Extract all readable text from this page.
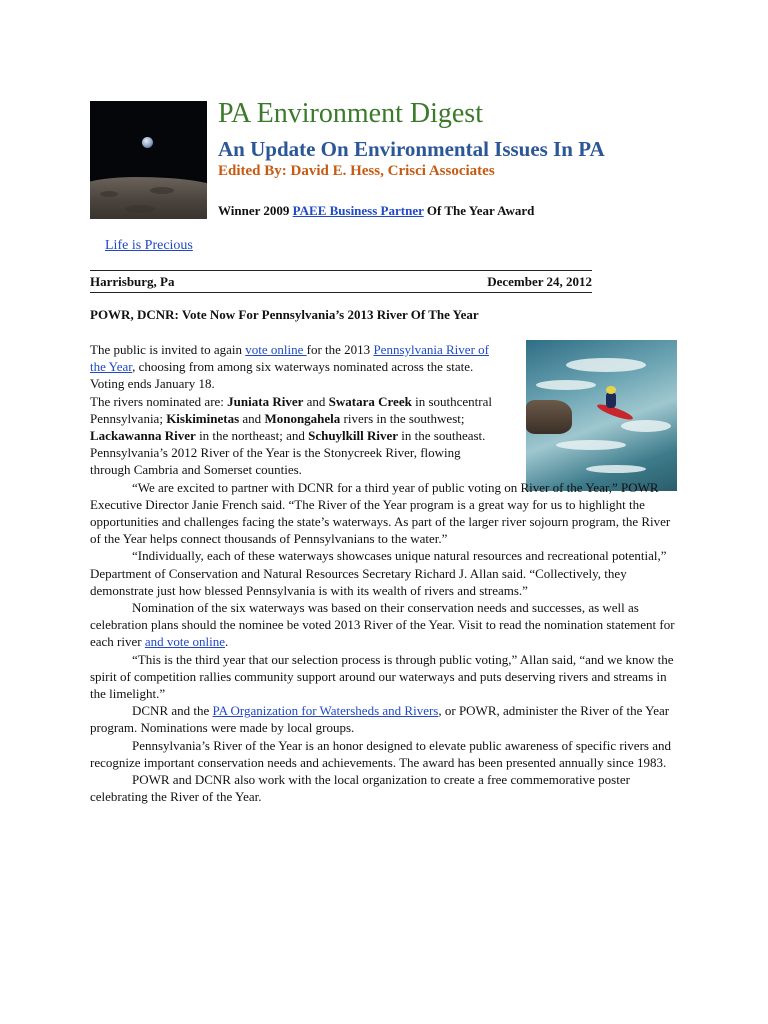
PA Environment Digest
An Update On Environmental Issues In PA
Edited By: David E. Hess, Crisci Associates
Winner 2009 PAEE Business Partner Of The Year Award
Life is Precious
Harrisburg, Pa	December 24, 2012
POWR, DCNR: Vote Now For Pennsylvania’s 2013 River Of The Year

The public is invited to again vote online for the 2013 Pennsylvania River of the Year, choosing from among six waterways nominated across the state. Voting ends January 18.

The rivers nominated are: Juniata River and Swatara Creek in southcentral Pennsylvania; Kiskiminetas and Monongahela rivers in the southwest; Lackawanna River in the northeast; and Schuylkill River in the southeast.

Pennsylvania’s 2012 River of the Year is the Stonycreek River, flowing through Cambria and Somerset counties.

“We are excited to partner with DCNR for a third year of public voting on River of the Year,” POWR Executive Director Janie French said. “The River of the Year program is a great way for us to highlight the opportunities and challenges facing the state’s waterways. As part of the larger river sojourn program, the River of the Year helps connect thousands of Pennsylvanians to the water.”

“Individually, each of these waterways showcases unique natural resources and recreational potential,” Department of Conservation and Natural Resources Secretary Richard J. Allan said. “Collectively, they demonstrate just how blessed Pennsylvania is with its wealth of rivers and streams.”

Nomination of the six waterways was based on their conservation needs and successes, as well as celebration plans should the nominee be voted 2013 River of the Year. Visit to read the nomination statement for each river and vote online.

“This is the third year that our selection process is through public voting,” Allan said, “and we know the spirit of competition rallies community support around our waterways and puts deserving rivers and streams in the limelight.”

DCNR and the PA Organization for Watersheds and Rivers, or POWR, administer the River of the Year program. Nominations were made by local groups.

Pennsylvania’s River of the Year is an honor designed to elevate public awareness of specific rivers and recognize important conservation needs and achievements. The award has been presented annually since 1983.

POWR and DCNR also work with the local organization to create a free commemorative poster celebrating the River of the Year.
